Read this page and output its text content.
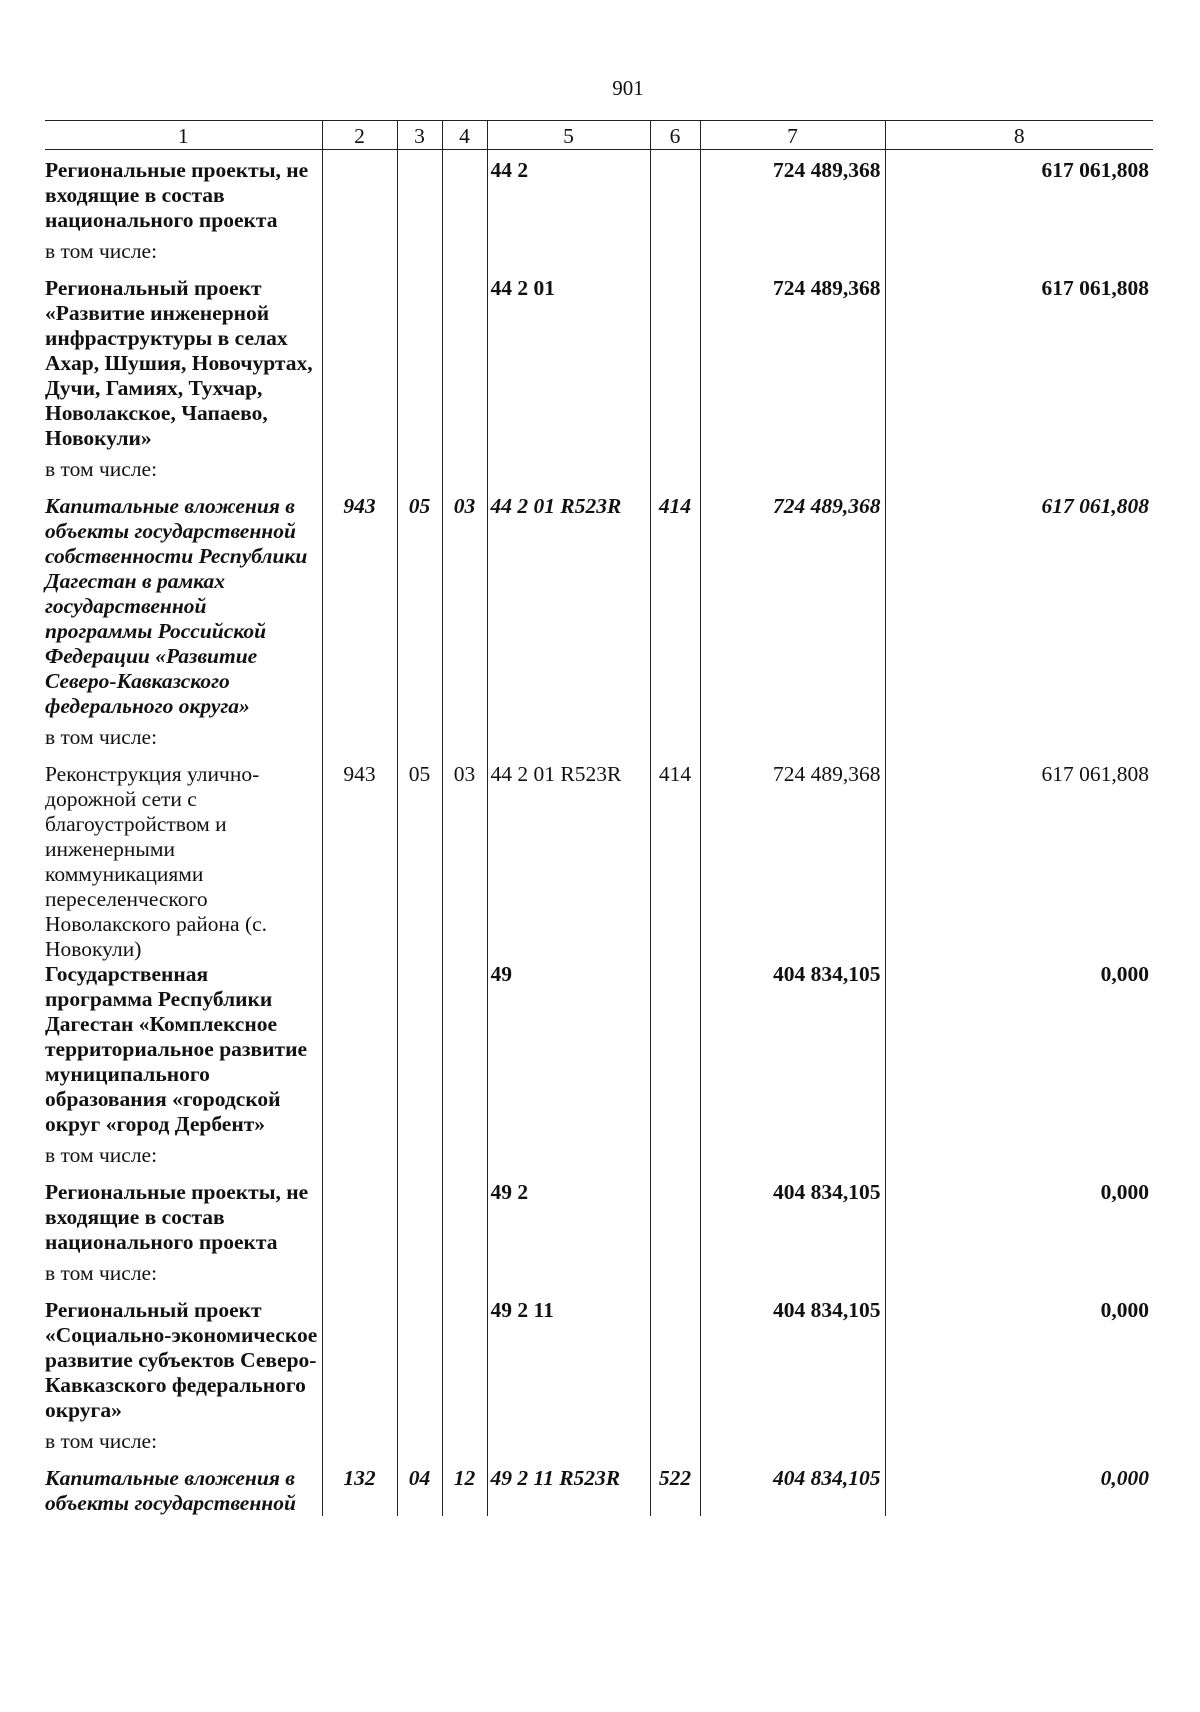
901
1	2	3	4	5	6	7	8
Региональные проекты, не входящие в состав национального проекта				44 2		724 489,368	617 061,808
в том числе:							
Региональный проект «Развитие инженерной инфраструктуры в селах Ахар, Шушия, Новочуртах, Дучи, Гамиях, Тухчар, Новолакское, Чапаево, Новокули»				44 2 01		724 489,368	617 061,808
в том числе:							
Капитальные вложения в объекты государственной собственности Республики Дагестан в рамках государственной программы Российской Федерации «Развитие Северо-Кавказского федерального округа»	943	05	03	44 2 01 R523R	414	724 489,368	617 061,808
в том числе:							
Реконструкция улично-дорожной сети с благоустройством и инженерными коммуникациями переселенческого Новолакского района (с. Новокули)	943	05	03	44 2 01 R523R	414	724 489,368	617 061,808
Государственная программа Республики Дагестан «Комплексное территориальное развитие муниципального образования «городской округ «город Дербент»				49		404 834,105	0,000
в том числе:							
Региональные проекты, не входящие в состав национального проекта				49 2		404 834,105	0,000
в том числе:							
Региональный проект «Социально-экономическое развитие субъектов Северо-Кавказского федерального округа»				49 2 11		404 834,105	0,000
в том числе:							
Капитальные вложения в объекты государственной	132	04	12	49 2 11 R523R	522	404 834,105	0,000
